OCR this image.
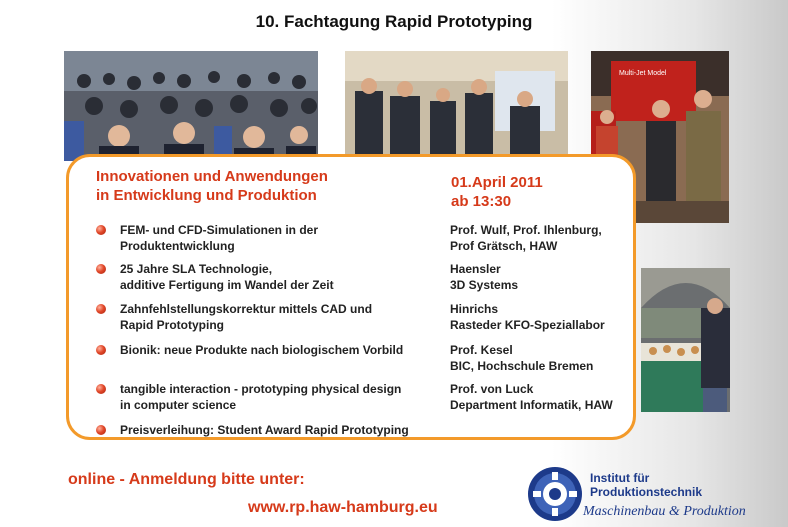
10. Fachtagung Rapid Prototyping
Multi-Jet Model
Innovationen und Anwendungen
in Entwicklung und Produktion
01.April 2011
ab 13:30
FEM- und CFD-Simulationen in der
Produktentwicklung
Prof. Wulf, Prof. Ihlenburg,
Prof Grätsch, HAW
25 Jahre SLA Technologie,
additive Fertigung im Wandel der Zeit
Haensler
3D Systems
Zahnfehlstellungskorrektur mittels CAD und
Rapid Prototyping
Hinrichs
Rasteder KFO-Speziallabor
Bionik: neue Produkte nach biologischem Vorbild	Prof. Kesel
BIC, Hochschule Bremen
tangible interaction - prototyping physical design
in computer science
Prof. von Luck
Department Informatik, HAW
Preisverleihung: Student Award Rapid Prototyping
online - Anmeldung bitte unter:
www.rp.haw-hamburg.eu
Institut für
Produktionstechnik
Maschinenbau & Produktion
